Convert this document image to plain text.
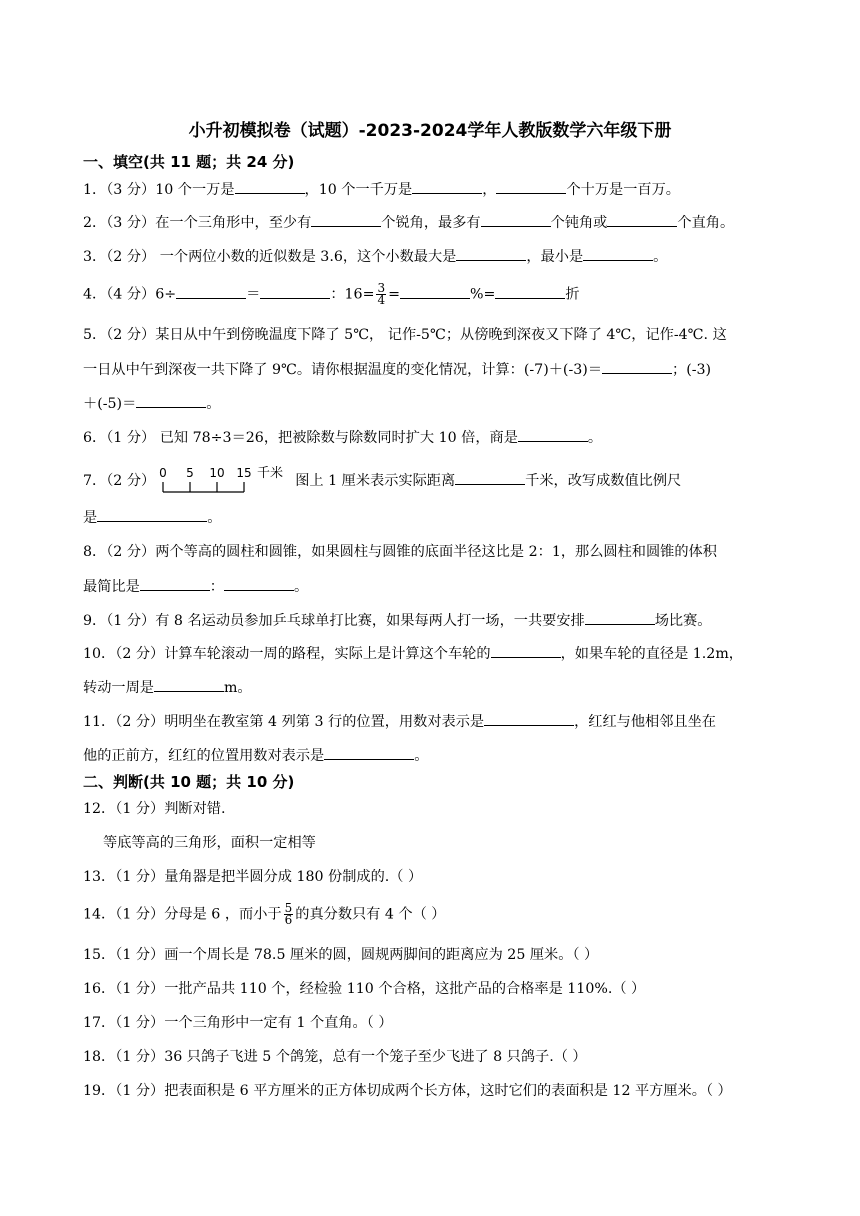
小升初模拟卷（试题）-2023-2024学年人教版数学六年级下册
一、填空(共 11 题；共 24 分)
1．（3 分）10 个一万是	，10 个一千万是	，	个十万是一百万。
2．（3 分）在一个三角形中，至少有	个锐角，最多有	个钝角或	个直角。
3．（2 分） 一个两位小数的近似数是 3.6，这个小数最大是	，最小是	。
4．（4 分）6÷	＝	：$16= \frac{3}{4}$ =	%=	折
5．（2 分）某日从中午到傍晚温度下降了 5℃， 记作-5℃；从傍晚到深夜又下降了 4℃，记作-4℃. 这
一日从中午到深夜一共下降了 9℃。请你根据温度的变化情况，计算：(-7)＋(-3)＝	；(-3)
＋(-5)＝	。
6．（1 分） 已知 78÷3＝26，把被除数与除数同时扩大 10 倍，商是	。
7．（2 分） 0 5 10 15 千米 图上 1 厘米表示实际距离	千米，改写成数值比例尺
是	。
8．（2 分）两个等高的圆柱和圆锥，如果圆柱与圆锥的底面半径这比是 2：1，那么圆柱和圆锥的体积
最简比是	：	。
9．（1 分）有 8 名运动员参加乒乓球单打比赛，如果每两人打一场，一共要安排	场比赛。
10．（2 分）计算车轮滚动一周的路程，实际上是计算这个车轮的	，如果车轮的直径是 1.2m，
转动一周是	m。
11．（2 分）明明坐在教室第 4 列第 3 行的位置，用数对表示是	，红红与他相邻且坐在
他的正前方，红红的位置用数对表示是	。
二、判断(共 10 题；共 10 分)
12．（1 分）判断对错.
等底等高的三角形，面积一定相等
13．（1 分）量角器是把半圆分成 180 份制成的.（ ）
14．（1 分）分母是 6 ，而小于 $\frac{5}{6}$ 的真分数只有 4 个（ ）
15．（1 分）画一个周长是 78.5 厘米的圆，圆规两脚间的距离应为 25 厘米。（ ）
16．（1 分）一批产品共 110 个，经检验 110 个合格，这批产品的合格率是 110%.（ ）
17．（1 分）一个三角形中一定有 1 个直角。（ ）
18．（1 分）36 只鸽子飞进 5 个鸽笼，总有一个笼子至少飞进了 8 只鸽子.（ ）
19．（1 分）把表面积是 6 平方厘米的正方体切成两个长方体，这时它们的表面积是 12 平方厘米。（ ）
